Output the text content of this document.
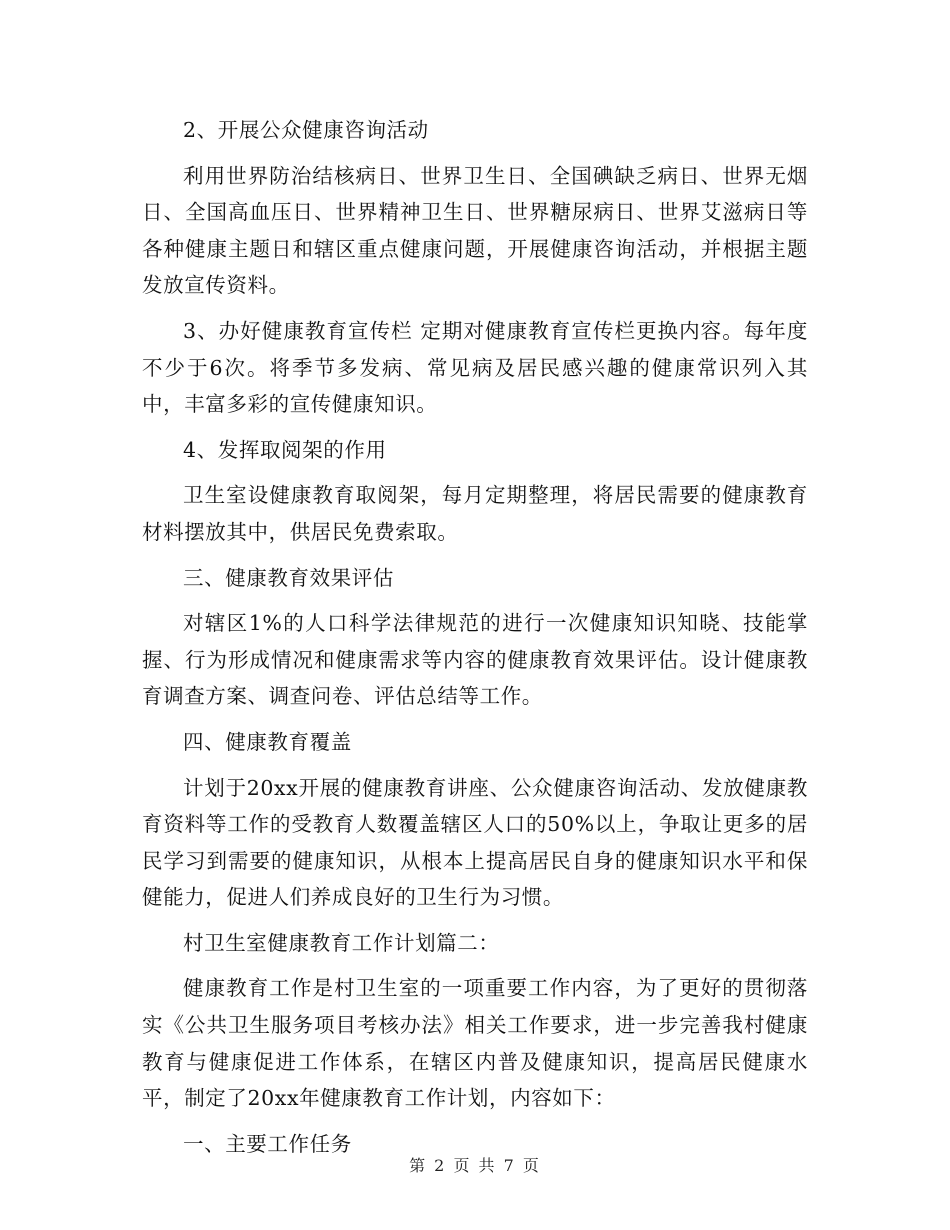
2、开展公众健康咨询活动

利用世界防治结核病日、世界卫生日、全国碘缺乏病日、世界无烟日、全国高血压日、世界精神卫生日、世界糖尿病日、世界艾滋病日等各种健康主题日和辖区重点健康问题，开展健康咨询活动，并根据主题发放宣传资料。

3、办好健康教育宣传栏 定期对健康教育宣传栏更换内容。每年度不少于6次。将季节多发病、常见病及居民感兴趣的健康常识列入其中，丰富多彩的宣传健康知识。

4、发挥取阅架的作用

卫生室设健康教育取阅架，每月定期整理，将居民需要的健康教育材料摆放其中，供居民免费索取。

三、健康教育效果评估

对辖区1%的人口科学法律规范的进行一次健康知识知晓、技能掌握、行为形成情况和健康需求等内容的健康教育效果评估。设计健康教育调查方案、调查问卷、评估总结等工作。

四、健康教育覆盖

计划于20xx开展的健康教育讲座、公众健康咨询活动、发放健康教育资料等工作的受教育人数覆盖辖区人口的50%以上，争取让更多的居民学习到需要的健康知识，从根本上提高居民自身的健康知识水平和保健能力，促进人们养成良好的卫生行为习惯。

村卫生室健康教育工作计划篇二：

健康教育工作是村卫生室的一项重要工作内容，为了更好的贯彻落实《公共卫生服务项目考核办法》相关工作要求，进一步完善我村健康教育与健康促进工作体系，在辖区内普及健康知识，提高居民健康水平，制定了20xx年健康教育工作计划，内容如下：

一、主要工作任务

第 2 页 共 7 页
